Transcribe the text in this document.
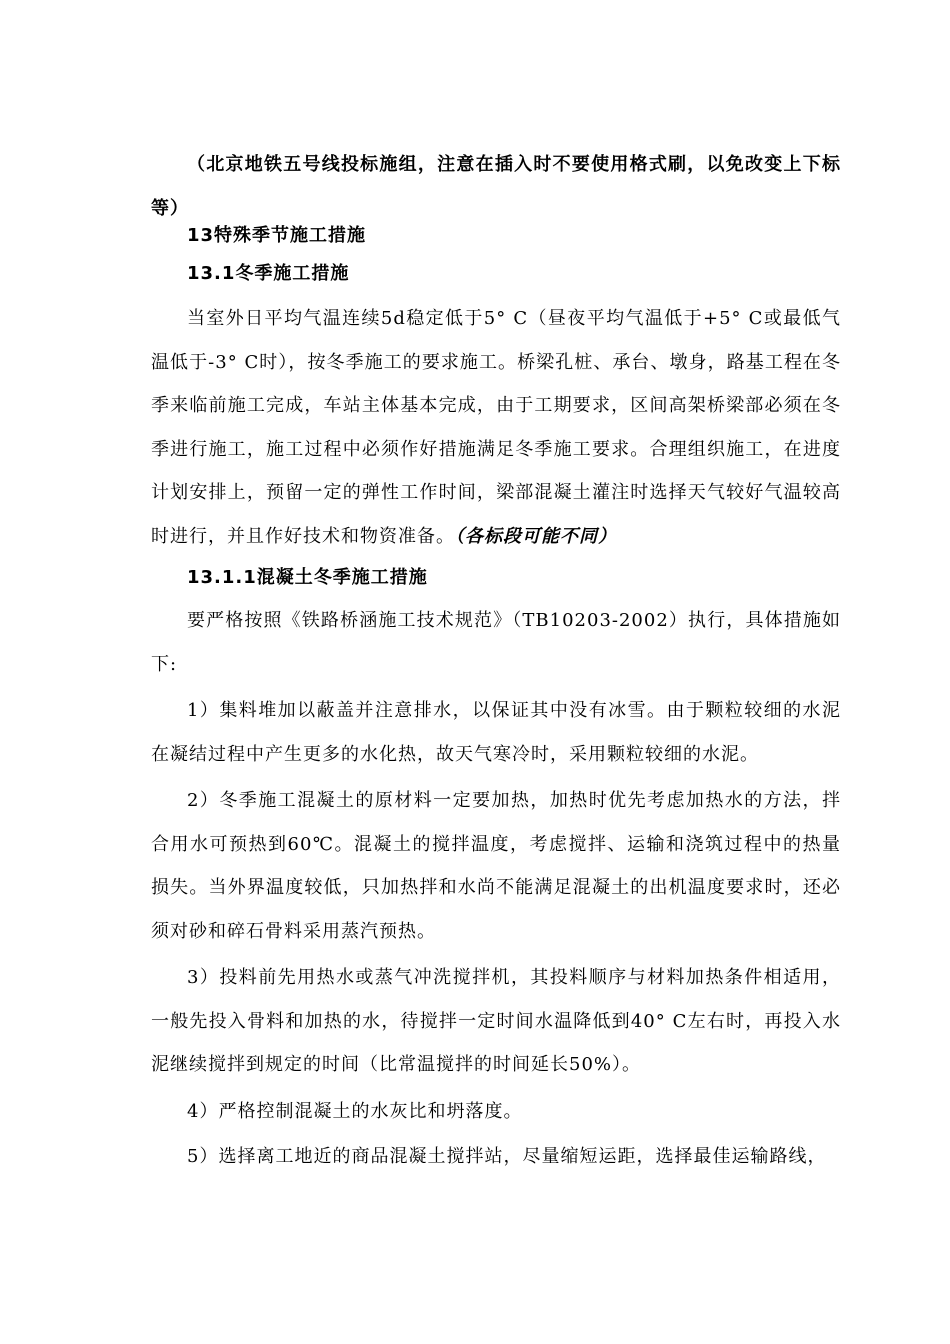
（北京地铁五号线投标施组，注意在插入时不要使用格式刷，以免改变上下标等）

13特殊季节施工措施

13.1冬季施工措施

当室外日平均气温连续5d稳定低于5° C（昼夜平均气温低于+5° C或最低气温低于-3° C时），按冬季施工的要求施工。桥梁孔桩、承台、墩身，路基工程在冬季来临前施工完成，车站主体基本完成，由于工期要求，区间高架桥梁部必须在冬季进行施工，施工过程中必须作好措施满足冬季施工要求。合理组织施工，在进度计划安排上，预留一定的弹性工作时间，梁部混凝土灌注时选择天气较好气温较高时进行，并且作好技术和物资准备。（各标段可能不同）

13.1.1混凝土冬季施工措施

要严格按照《铁路桥涵施工技术规范》（TB10203-2002）执行，具体措施如下:

1）集料堆加以蔽盖并注意排水，以保证其中没有冰雪。由于颗粒较细的水泥在凝结过程中产生更多的水化热，故天气寒冷时，采用颗粒较细的水泥。

2）冬季施工混凝土的原材料一定要加热，加热时优先考虑加热水的方法，拌合用水可预热到60℃。混凝土的搅拌温度，考虑搅拌、运输和浇筑过程中的热量损失。当外界温度较低，只加热拌和水尚不能满足混凝土的出机温度要求时，还必须对砂和碎石骨料采用蒸汽预热。

3）投料前先用热水或蒸气冲洗搅拌机，其投料顺序与材料加热条件相适用，一般先投入骨料和加热的水，待搅拌一定时间水温降低到40° C左右时，再投入水泥继续搅拌到规定的时间（比常温搅拌的时间延长50%）。

4）严格控制混凝土的水灰比和坍落度。

5）选择离工地近的商品混凝土搅拌站，尽量缩短运距，选择最佳运输路线，
